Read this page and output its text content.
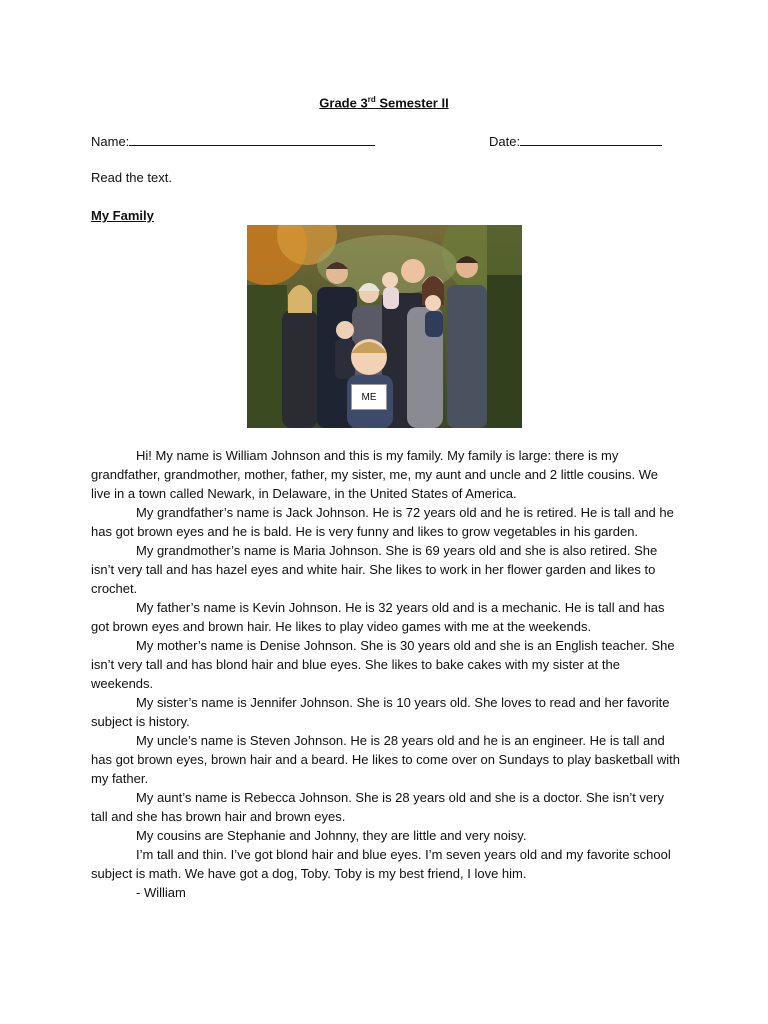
Grade 3rd Semester II
Name:	Date:
Read the text.
My Family
ME

Hi! My name is William Johnson and this is my family. My family is large: there is my grandfather, grandmother, mother, father, my sister, me, my aunt and uncle and 2 little cousins. We live in a town called Newark, in Delaware, in the United States of America.

My grandfather’s name is Jack Johnson. He is 72 years old and he is retired. He is tall and he has got brown eyes and he is bald. He is very funny and likes to grow vegetables in his garden.

My grandmother’s name is Maria Johnson. She is 69 years old and she is also retired. She isn’t very tall and has hazel eyes and white hair. She likes to work in her flower garden and likes to crochet.

My father’s name is Kevin Johnson. He is 32 years old and is a mechanic. He is tall and has got brown eyes and brown hair. He likes to play video games with me at the weekends.

My mother’s name is Denise Johnson. She is 30 years old and she is an English teacher. She isn’t very tall and has blond hair and blue eyes. She likes to bake cakes with my sister at the weekends.

My sister’s name is Jennifer Johnson. She is 10 years old. She loves to read and her favorite subject is history.

My uncle’s name is Steven Johnson. He is 28 years old and he is an engineer. He is tall and has got brown eyes, brown hair and a beard. He likes to come over on Sundays to play basketball with my father.

My aunt’s name is Rebecca Johnson. She is 28 years old and she is a doctor. She isn’t very tall and she has brown hair and brown eyes.

My cousins are Stephanie and Johnny, they are little and very noisy.

I’m tall and thin. I’ve got blond hair and blue eyes. I’m seven years old and my favorite school subject is math. We have got a dog, Toby. Toby is my best friend, I love him.

- William
